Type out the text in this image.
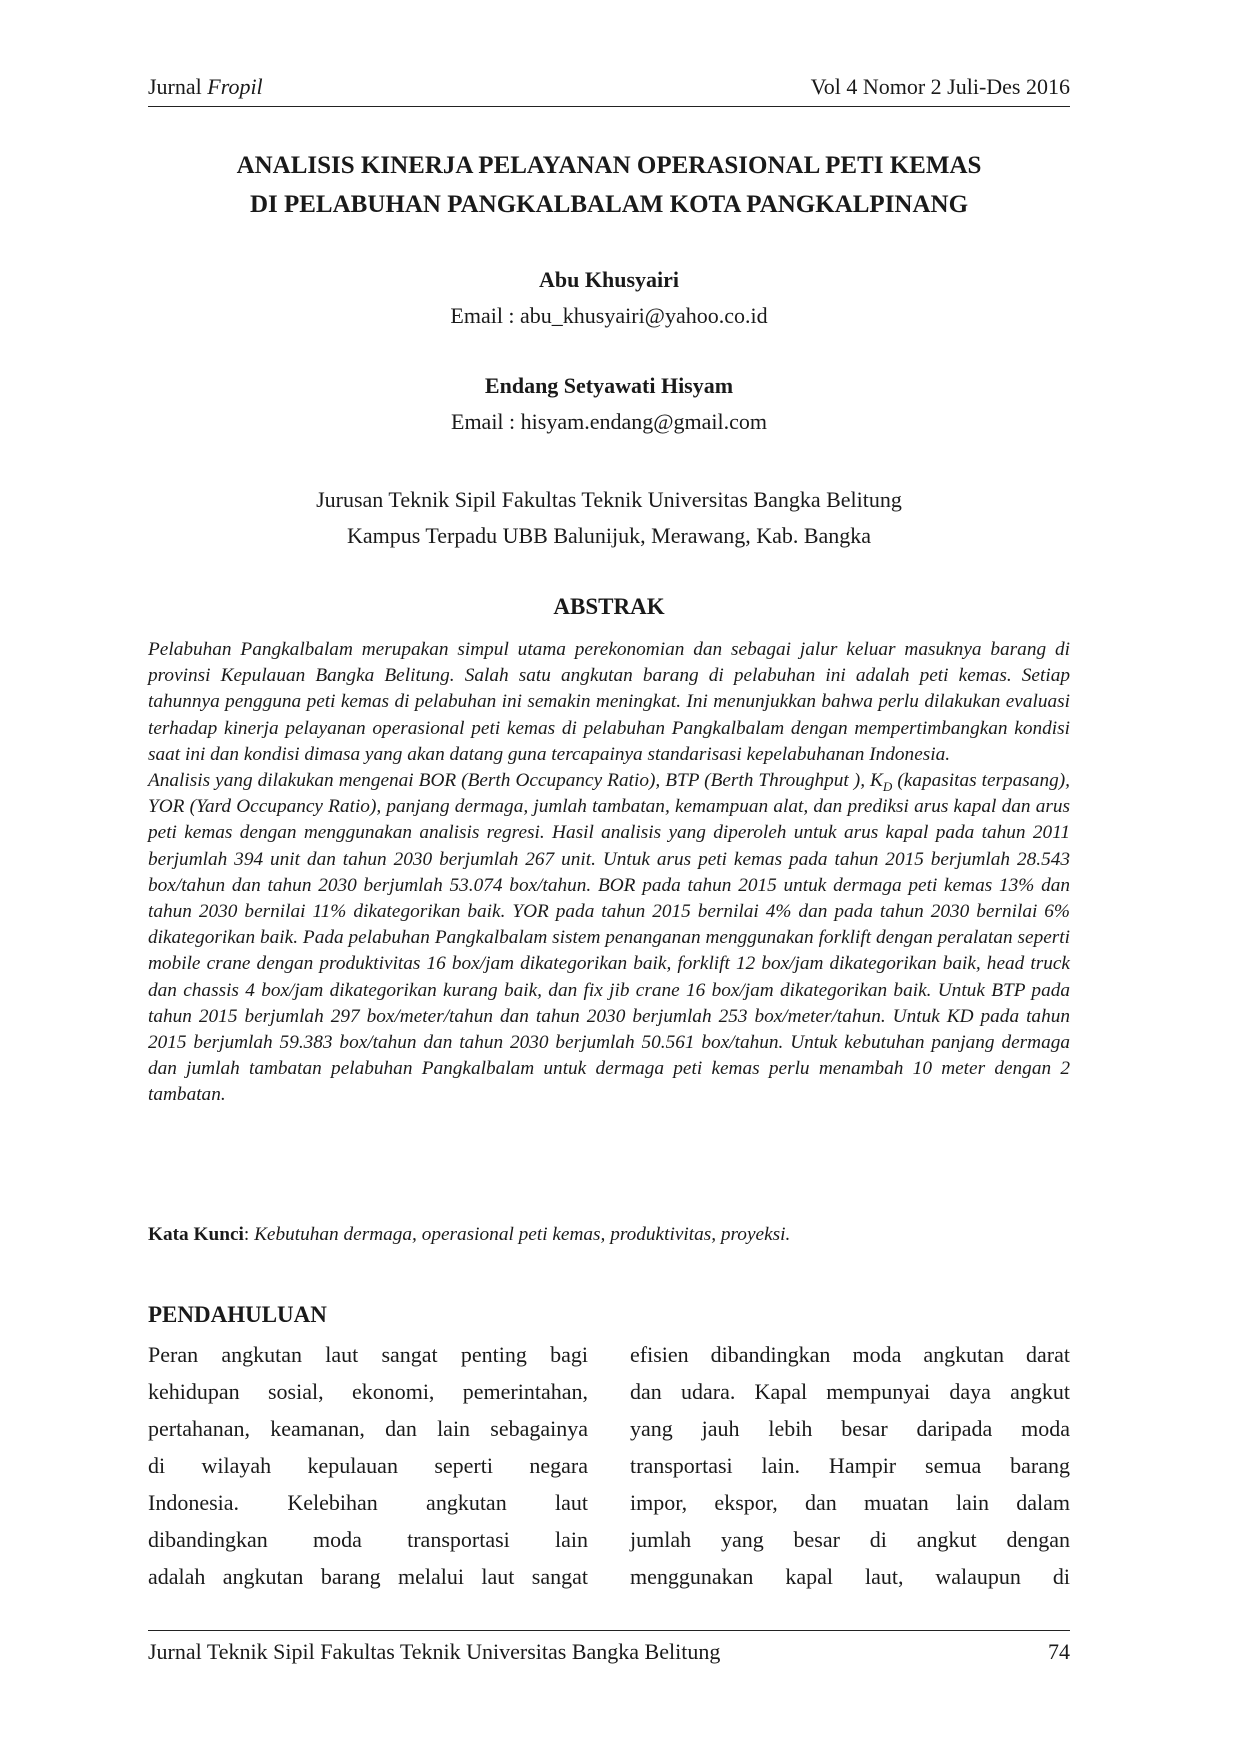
Jurnal Fropil	Vol 4 Nomor 2 Juli-Des 2016
ANALISIS KINERJA PELAYANAN OPERASIONAL PETI KEMAS
DI PELABUHAN PANGKALBALAM KOTA PANGKALPINANG
Abu Khusyairi
Email : abu_khusyairi@yahoo.co.id
Endang Setyawati Hisyam
Email : hisyam.endang@gmail.com
Jurusan Teknik Sipil Fakultas Teknik Universitas Bangka Belitung
Kampus Terpadu UBB Balunijuk, Merawang, Kab. Bangka
ABSTRAK

Pelabuhan Pangkalbalam merupakan simpul utama perekonomian dan sebagai jalur keluar masuknya barang di provinsi Kepulauan Bangka Belitung. Salah satu angkutan barang di pelabuhan ini adalah peti kemas. Setiap tahunnya pengguna peti kemas di pelabuhan ini semakin meningkat. Ini menunjukkan bahwa perlu dilakukan evaluasi terhadap kinerja pelayanan operasional peti kemas di pelabuhan Pangkalbalam dengan mempertimbangkan kondisi saat ini dan kondisi dimasa yang akan datang guna tercapainya standarisasi kepelabuhanan Indonesia.

Analisis yang dilakukan mengenai BOR (Berth Occupancy Ratio), BTP (Berth Throughput ), $K_D$ (kapasitas terpasang), YOR (Yard Occupancy Ratio), panjang dermaga, jumlah tambatan, kemampuan alat, dan prediksi arus kapal dan arus peti kemas dengan menggunakan analisis regresi. Hasil analisis yang diperoleh untuk arus kapal pada tahun 2011 berjumlah 394 unit dan tahun 2030 berjumlah 267 unit. Untuk arus peti kemas pada tahun 2015 berjumlah 28.543 box/tahun dan tahun 2030 berjumlah 53.074 box/tahun. BOR pada tahun 2015 untuk dermaga peti kemas 13% dan tahun 2030 bernilai 11% dikategorikan baik. YOR pada tahun 2015 bernilai 4% dan pada tahun 2030 bernilai 6% dikategorikan baik. Pada pelabuhan Pangkalbalam sistem penanganan menggunakan forklift dengan peralatan seperti mobile crane dengan produktivitas 16 box/jam dikategorikan baik, forklift 12 box/jam dikategorikan baik, head truck dan chassis 4 box/jam dikategorikan kurang baik, dan fix jib crane 16 box/jam dikategorikan baik. Untuk BTP pada tahun 2015 berjumlah 297 box/meter/tahun dan tahun 2030 berjumlah 253 box/meter/tahun. Untuk KD pada tahun 2015 berjumlah 59.383 box/tahun dan tahun 2030 berjumlah 50.561 box/tahun. Untuk kebutuhan panjang dermaga dan jumlah tambatan pelabuhan Pangkalbalam untuk dermaga peti kemas perlu menambah 10 meter dengan 2 tambatan.

Kata Kunci: Kebutuhan dermaga, operasional peti kemas, produktivitas, proyeksi.
PENDAHULUAN
Peran angkutan laut sangat penting bagi
kehidupan sosial, ekonomi, pemerintahan,
pertahanan, keamanan, dan lain sebagainya
di wilayah kepulauan seperti negara
Indonesia. Kelebihan angkutan laut
dibandingkan moda transportasi lain
adalah angkutan barang melalui laut sangat
efisien dibandingkan moda angkutan darat
dan udara. Kapal mempunyai daya angkut
yang jauh lebih besar daripada moda
transportasi lain. Hampir semua barang
impor, ekspor, dan muatan lain dalam
jumlah yang besar di angkut dengan
menggunakan kapal laut, walaupun di
Jurnal Teknik Sipil Fakultas Teknik Universitas Bangka Belitung	74
